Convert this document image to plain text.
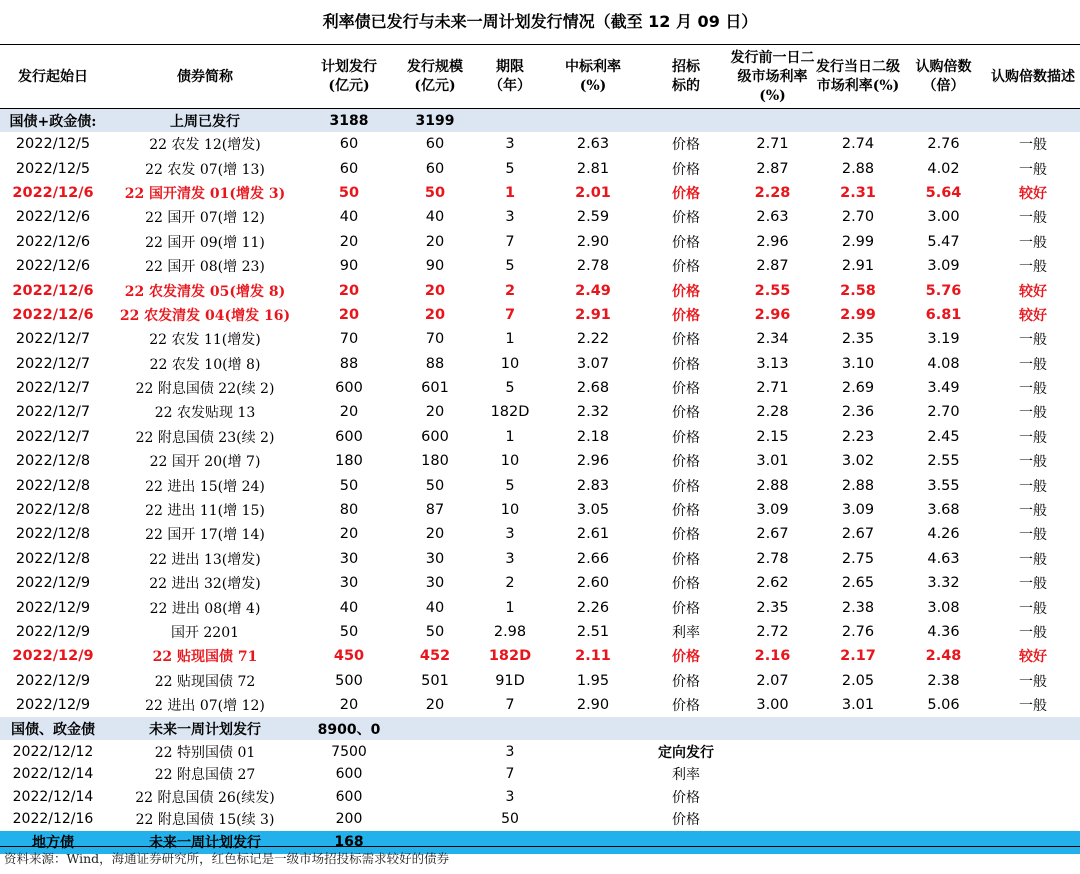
利率债已发行与未来一周计划发行情况（截至 12 月 09 日）
发行起始日	债券简称	计划发行(亿元)	发行规模(亿元)	期限（年）	中标利率(%)	招标标的	发行前一日二级市场利率(%)	发行当日二级市场利率(%)	认购倍数（倍）	认购倍数描述
国债+政金债:	上周已发行	3188	3199							
2022/12/5	22 农发 12(增发)	60	60	3	2.63	价格	2.71	2.74	2.76	一般
2022/12/5	22 农发 07(增 13)	60	60	5	2.81	价格	2.87	2.88	4.02	一般
2022/12/6	22 国开清发 01(增发 3)	50	50	1	2.01	价格	2.28	2.31	5.64	较好
2022/12/6	22 国开 07(增 12)	40	40	3	2.59	价格	2.63	2.70	3.00	一般
2022/12/6	22 国开 09(增 11)	20	20	7	2.90	价格	2.96	2.99	5.47	一般
2022/12/6	22 国开 08(增 23)	90	90	5	2.78	价格	2.87	2.91	3.09	一般
2022/12/6	22 农发清发 05(增发 8)	20	20	2	2.49	价格	2.55	2.58	5.76	较好
2022/12/6	22 农发清发 04(增发 16)	20	20	7	2.91	价格	2.96	2.99	6.81	较好
2022/12/7	22 农发 11(增发)	70	70	1	2.22	价格	2.34	2.35	3.19	一般
2022/12/7	22 农发 10(增 8)	88	88	10	3.07	价格	3.13	3.10	4.08	一般
2022/12/7	22 附息国债 22(续 2)	600	601	5	2.68	价格	2.71	2.69	3.49	一般
2022/12/7	22 农发贴现 13	20	20	182D	2.32	价格	2.28	2.36	2.70	一般
2022/12/7	22 附息国债 23(续 2)	600	600	1	2.18	价格	2.15	2.23	2.45	一般
2022/12/8	22 国开 20(增 7)	180	180	10	2.96	价格	3.01	3.02	2.55	一般
2022/12/8	22 进出 15(增 24)	50	50	5	2.83	价格	2.88	2.88	3.55	一般
2022/12/8	22 进出 11(增 15)	80	87	10	3.05	价格	3.09	3.09	3.68	一般
2022/12/8	22 国开 17(增 14)	20	20	3	2.61	价格	2.67	2.67	4.26	一般
2022/12/8	22 进出 13(增发)	30	30	3	2.66	价格	2.78	2.75	4.63	一般
2022/12/9	22 进出 32(增发)	30	30	2	2.60	价格	2.62	2.65	3.32	一般
2022/12/9	22 进出 08(增 4)	40	40	1	2.26	价格	2.35	2.38	3.08	一般
2022/12/9	国开 2201	50	50	2.98	2.51	利率	2.72	2.76	4.36	一般
2022/12/9	22 贴现国债 71	450	452	182D	2.11	价格	2.16	2.17	2.48	较好
2022/12/9	22 贴现国债 72	500	501	91D	1.95	价格	2.07	2.05	2.38	一般
2022/12/9	22 进出 07(增 12)	20	20	7	2.90	价格	3.00	3.01	5.06	一般
国债、政金债	未来一周计划发行	8900、0								
2022/12/12	22 特别国债 01	7500		3		定向发行				
2022/12/14	22 附息国债 27	600		7		利率				
2022/12/14	22 附息国债 26(续发)	600		3		价格				
2022/12/16	22 附息国债 15(续 3)	200		50		价格				
地方债	未来一周计划发行	168								
资料来源：Wind，海通证券研究所，红色标记是一级市场招投标需求较好的债券
